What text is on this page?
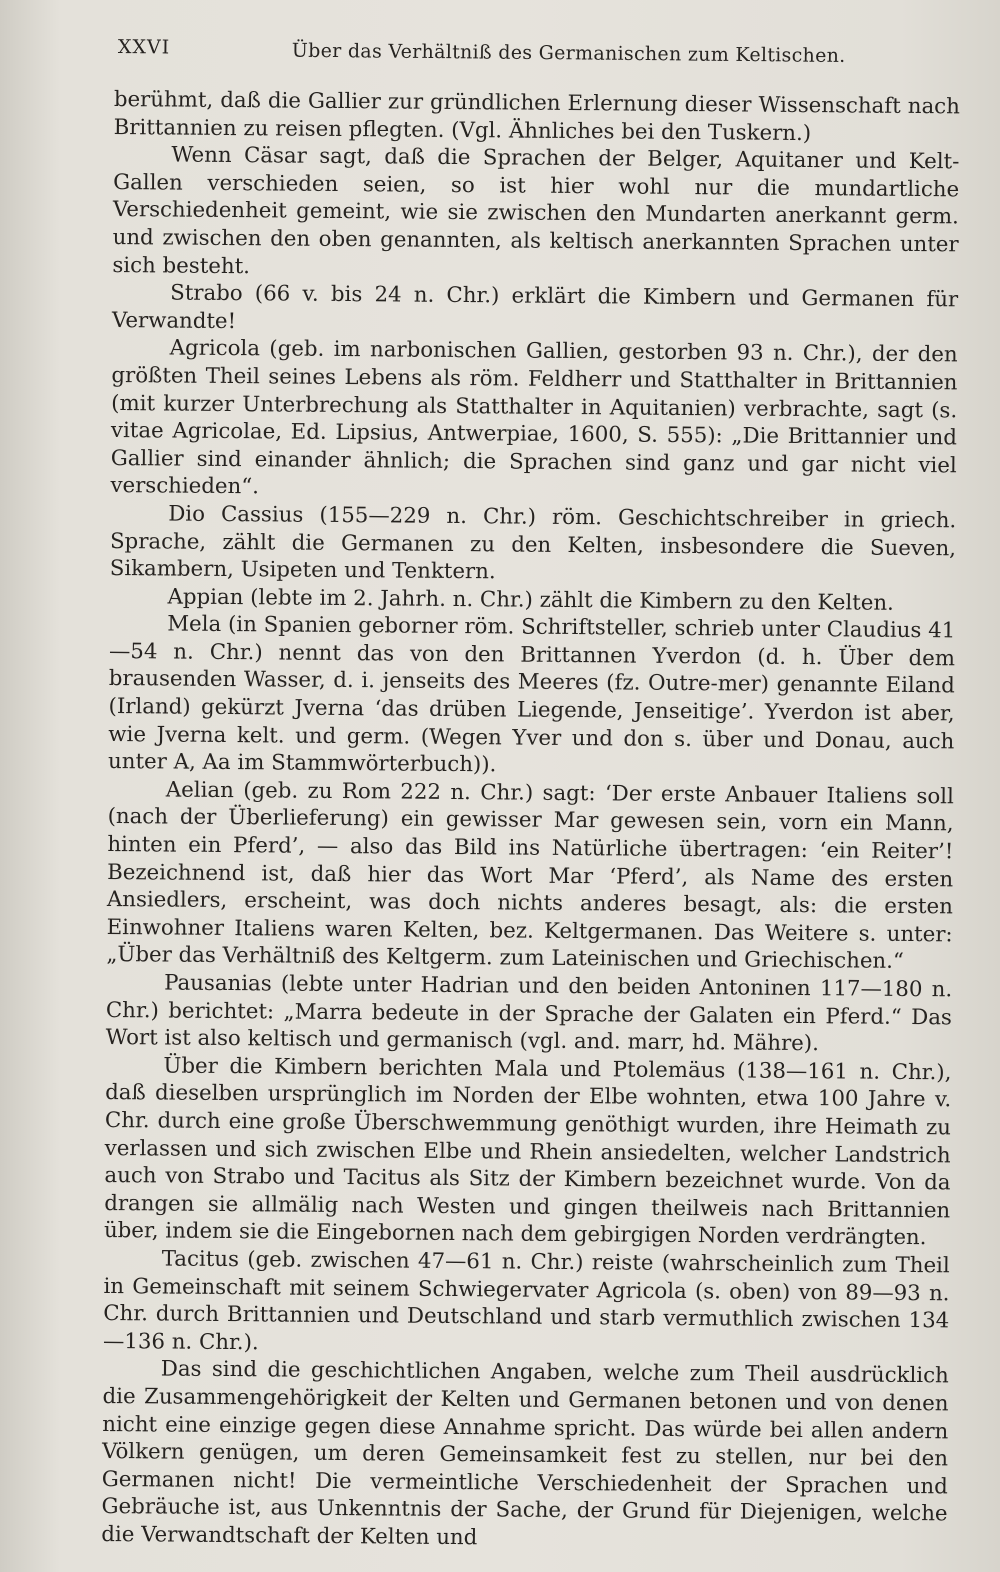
XXVI	Über das Verhältniß des Germanischen zum Keltischen.

berühmt, daß die Gallier zur gründlichen Erlernung dieser Wissenschaft nach Brittannien zu reisen pflegten. (Vgl. Ähnliches bei den Tuskern.)

Wenn Cäsar sagt, daß die Sprachen der Belger, Aquitaner und Kelt-Gallen verschieden seien, so ist hier wohl nur die mundartliche Verschiedenheit gemeint, wie sie zwischen den Mundarten anerkannt germ. und zwischen den oben genannten, als keltisch anerkannten Sprachen unter sich besteht.

Strabo (66 v. bis 24 n. Chr.) erklärt die Kimbern und Germanen für Verwandte!

Agricola (geb. im narbonischen Gallien, gestorben 93 n. Chr.), der den größten Theil seines Lebens als röm. Feldherr und Statthalter in Brittannien (mit kurzer Unterbrechung als Statthalter in Aquitanien) verbrachte, sagt (s. vitae Agricolae, Ed. Lipsius, Antwerpiae, 1600, S. 555): „Die Brittannier und Gallier sind einander ähnlich; die Sprachen sind ganz und gar nicht viel verschieden“.

Dio Cassius (155—229 n. Chr.) röm. Geschichtschreiber in griech. Sprache, zählt die Germanen zu den Kelten, insbesondere die Sueven, Sikambern, Usipeten und Tenktern.

Appian (lebte im 2. Jahrh. n. Chr.) zählt die Kimbern zu den Kelten.

Mela (in Spanien geborner röm. Schriftsteller, schrieb unter Claudius 41—54 n. Chr.) nennt das von den Brittannen Yverdon (d. h. Über dem brausenden Wasser, d. i. jenseits des Meeres (fz. Outre-mer) genannte Eiland (Irland) gekürzt Jverna ‘das drüben Liegende, Jenseitige’. Yverdon ist aber, wie Jverna kelt. und germ. (Wegen Yver und don s. über und Donau, auch unter A, Aa im Stammwörterbuch)).

Aelian (geb. zu Rom 222 n. Chr.) sagt: ‘Der erste Anbauer Italiens soll (nach der Überlieferung) ein gewisser Mar gewesen sein, vorn ein Mann, hinten ein Pferd’, — also das Bild ins Natürliche übertragen: ‘ein Reiter’! Bezeichnend ist, daß hier das Wort Mar ‘Pferd’, als Name des ersten Ansiedlers, erscheint, was doch nichts anderes besagt, als: die ersten Einwohner Italiens waren Kelten, bez. Keltgermanen. Das Weitere s. unter: „Über das Verhältniß des Keltgerm. zum Lateinischen und Griechischen.“

Pausanias (lebte unter Hadrian und den beiden Antoninen 117—180 n. Chr.) berichtet: „Marra bedeute in der Sprache der Galaten ein Pferd.“ Das Wort ist also keltisch und germanisch (vgl. and. marr, hd. Mähre).

Über die Kimbern berichten Mala und Ptolemäus (138—161 n. Chr.), daß dieselben ursprünglich im Norden der Elbe wohnten, etwa 100 Jahre v. Chr. durch eine große Überschwemmung genöthigt wurden, ihre Heimath zu verlassen und sich zwischen Elbe und Rhein ansiedelten, welcher Landstrich auch von Strabo und Tacitus als Sitz der Kimbern bezeichnet wurde. Von da drangen sie allmälig nach Westen und gingen theilweis nach Brittannien über, indem sie die Eingebornen nach dem gebirgigen Norden verdrängten.

Tacitus (geb. zwischen 47—61 n. Chr.) reiste (wahrscheinlich zum Theil in Gemeinschaft mit seinem Schwiegervater Agricola (s. oben) von 89—93 n. Chr. durch Brittannien und Deutschland und starb vermuthlich zwischen 134—136 n. Chr.).

Das sind die geschichtlichen Angaben, welche zum Theil ausdrücklich die Zusammengehörigkeit der Kelten und Germanen betonen und von denen nicht eine einzige gegen diese Annahme spricht. Das würde bei allen andern Völkern genügen, um deren Gemeinsamkeit fest zu stellen, nur bei den Germanen nicht! Die vermeintliche Verschiedenheit der Sprachen und Gebräuche ist, aus Unkenntnis der Sache, der Grund für Diejenigen, welche die Verwandtschaft der Kelten und
